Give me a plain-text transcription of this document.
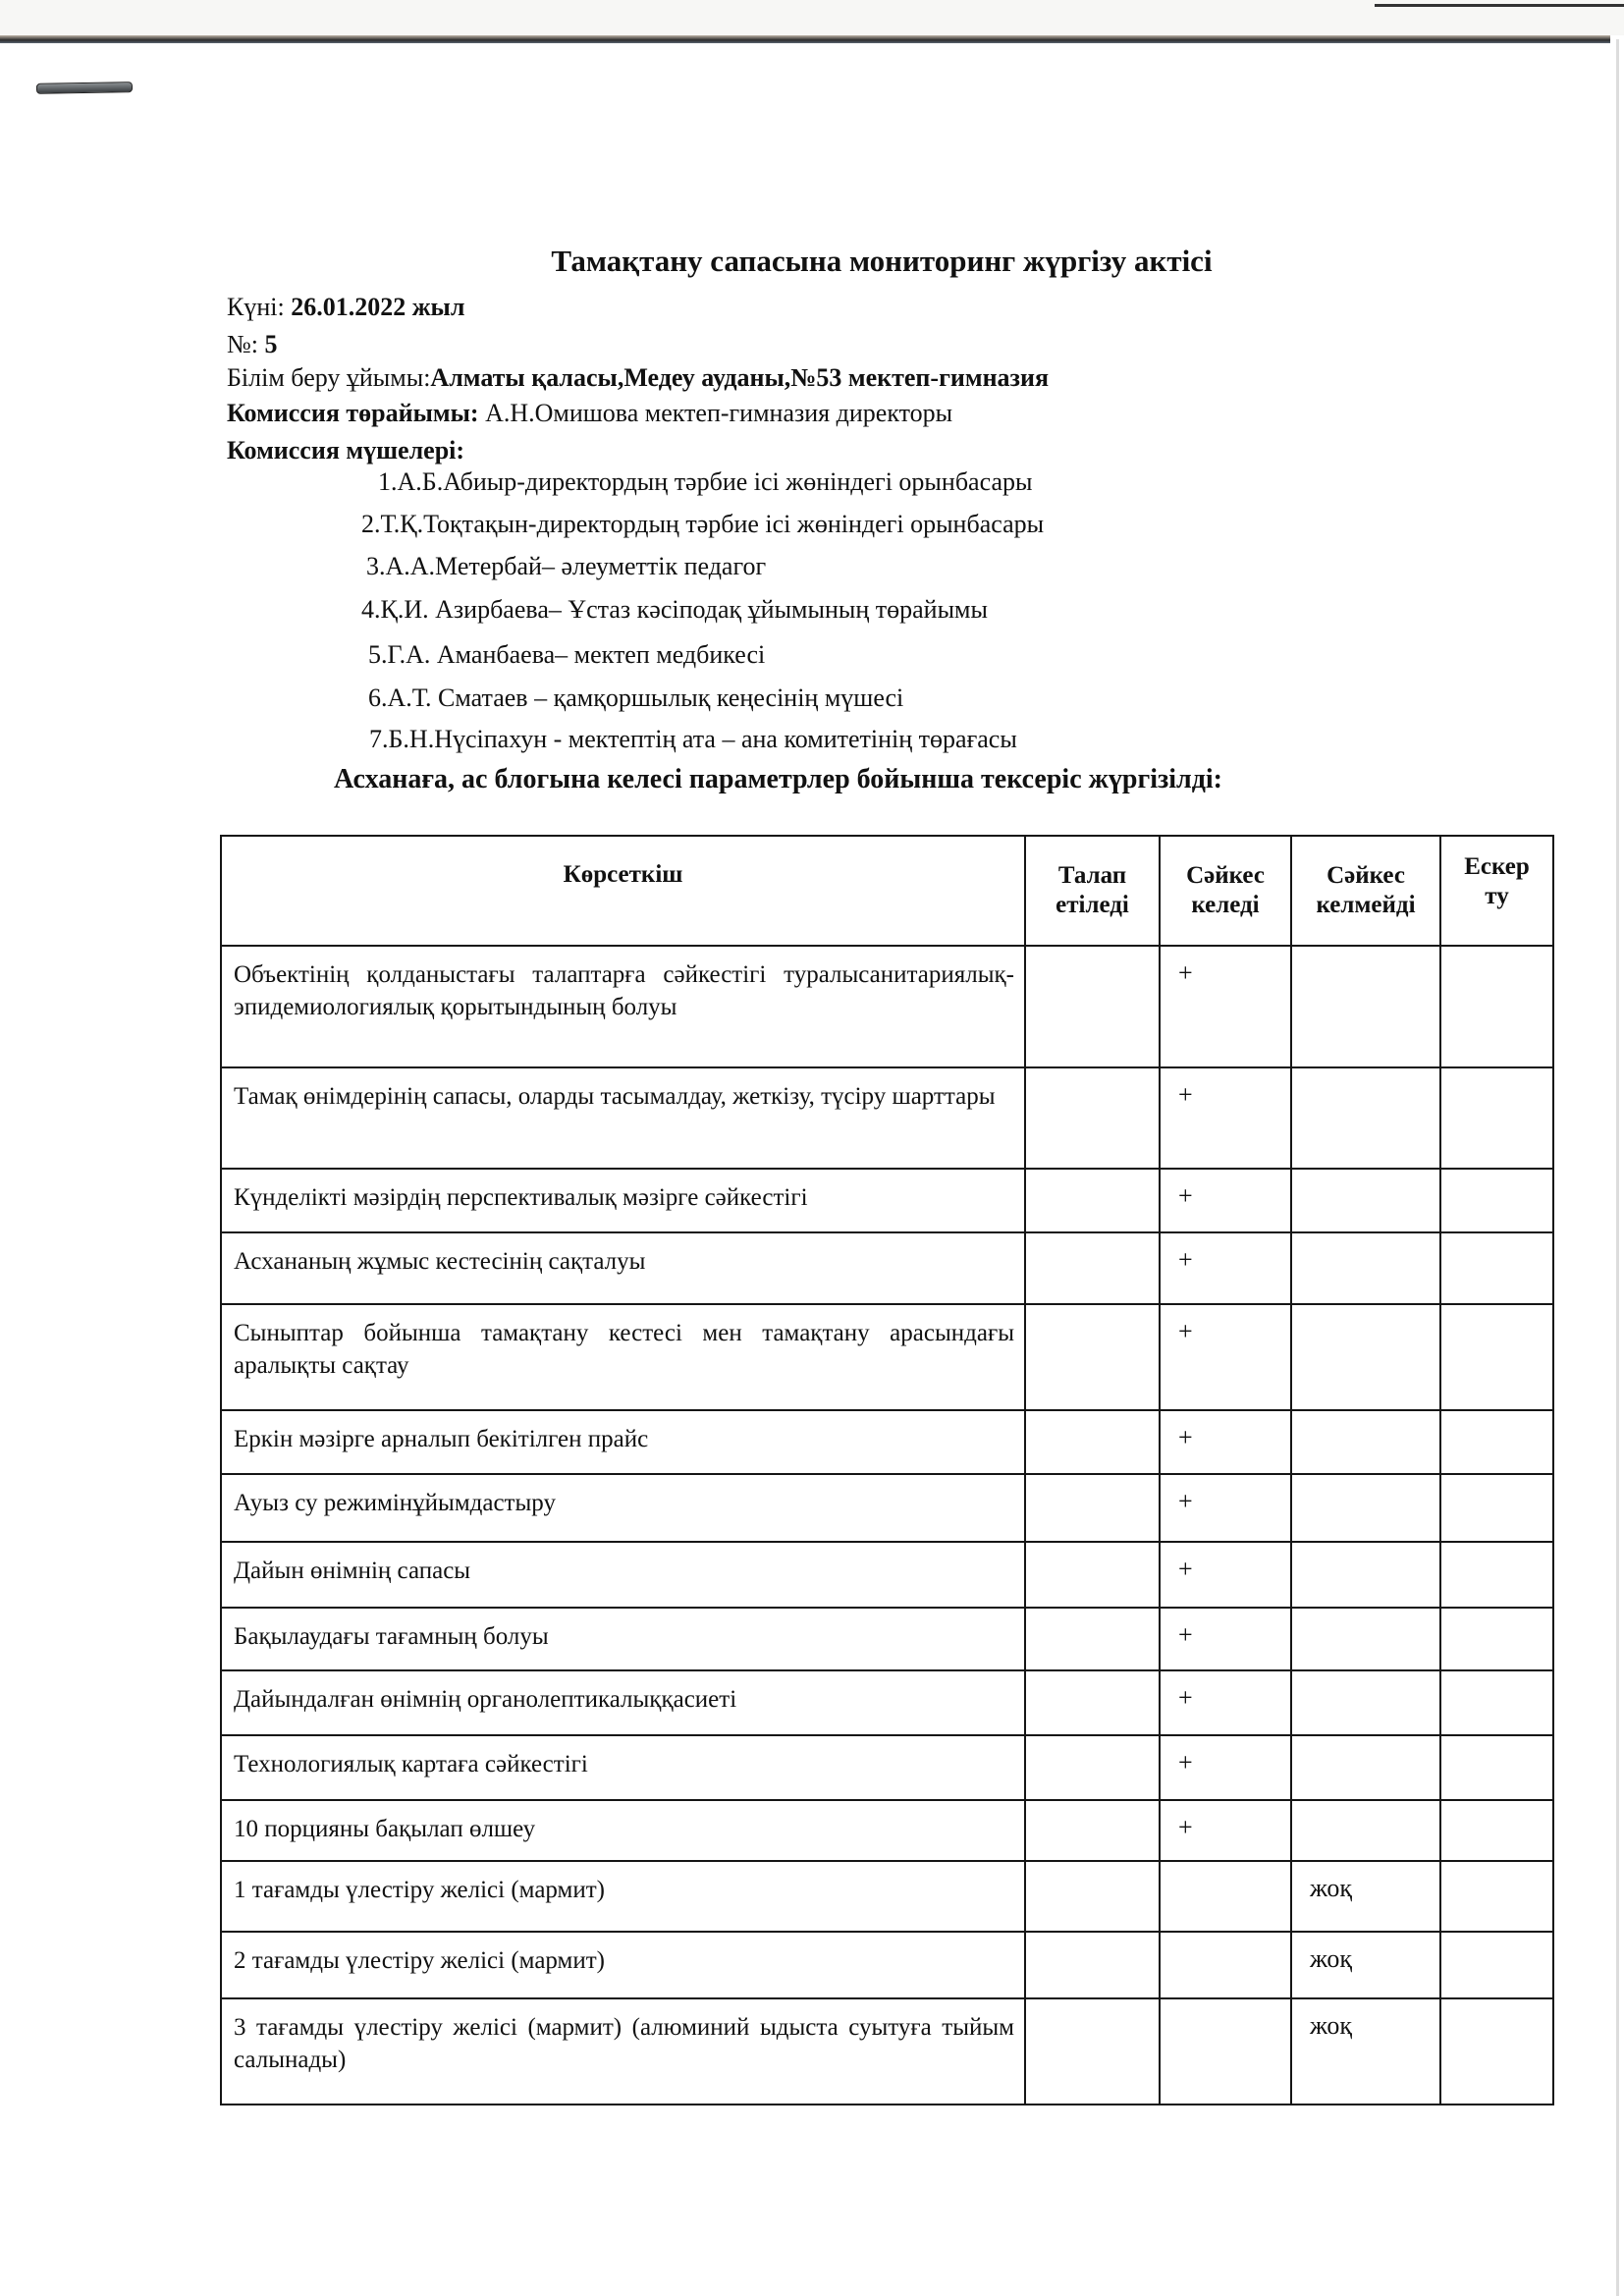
Тамақтану сапасына мониторинг жүргізу актісі
Күні: 26.01.2022 жыл
№: 5
Білім беру ұйымы:Алматы қаласы,Медеу ауданы,№53 мектеп-гимназия
Комиссия төрайымы: А.Н.Омишова мектеп-гимназия директоры
Комиссия мүшелері:
1.А.Б.Абиыр-директордың тәрбие ісі жөніндегі орынбасары
2.Т.Қ.Тоқтақын-директордың тәрбие ісі жөніндегі орынбасары
3.А.А.Метербай– әлеуметтік педагог
4.Қ.И. Азирбаева– Ұстаз кәсіподақ ұйымының төрайымы
5.Г.А. Аманбаева– мектеп медбикесі
6.А.Т. Сматаев – қамқоршылық кеңесінің мүшесі
7.Б.Н.Нүсіпахун - мектептің ата – ана комитетінің төрағасы
Асханаға, ас блогына келесі параметрлер бойынша тексеріс жүргізілді:
Көрсеткіш	Талап етіледі	Сәйкес келеді	Сәйкес келмейді	Ескер ту
Объектінің қолданыстағы талаптарға сәйкестігі туралысанитариялық-эпидемиологиялық қорытындының болуы		+		
Тамақ өнімдерінің сапасы, оларды тасымалдау, жеткізу, түсіру шарттары		+		
Күнделікті мәзірдің перспективалық мәзірге сәйкестігі		+		
Асхананың жұмыс кестесінің сақталуы		+		
Сыныптар бойынша тамақтану кестесі мен тамақтану арасындағы аралықты сақтау		+		
Еркін мәзірге арналып бекітілген прайс		+		
Ауыз су режимінұйымдастыру		+		
Дайын өнімнің сапасы		+		
Бақылаудағы тағамның болуы		+		
Дайындалған өнімнің органолептикалыққасиеті		+		
Технологиялық картаға сәйкестігі		+		
10 порцияны бақылап өлшеу		+		
1 тағамды үлестіру желісі (мармит)			жоқ	
2 тағамды үлестіру желісі (мармит)			жоқ	
3 тағамды үлестіру желісі (мармит) (алюминий ыдыста суытуға тыйым салынады)			жоқ	
